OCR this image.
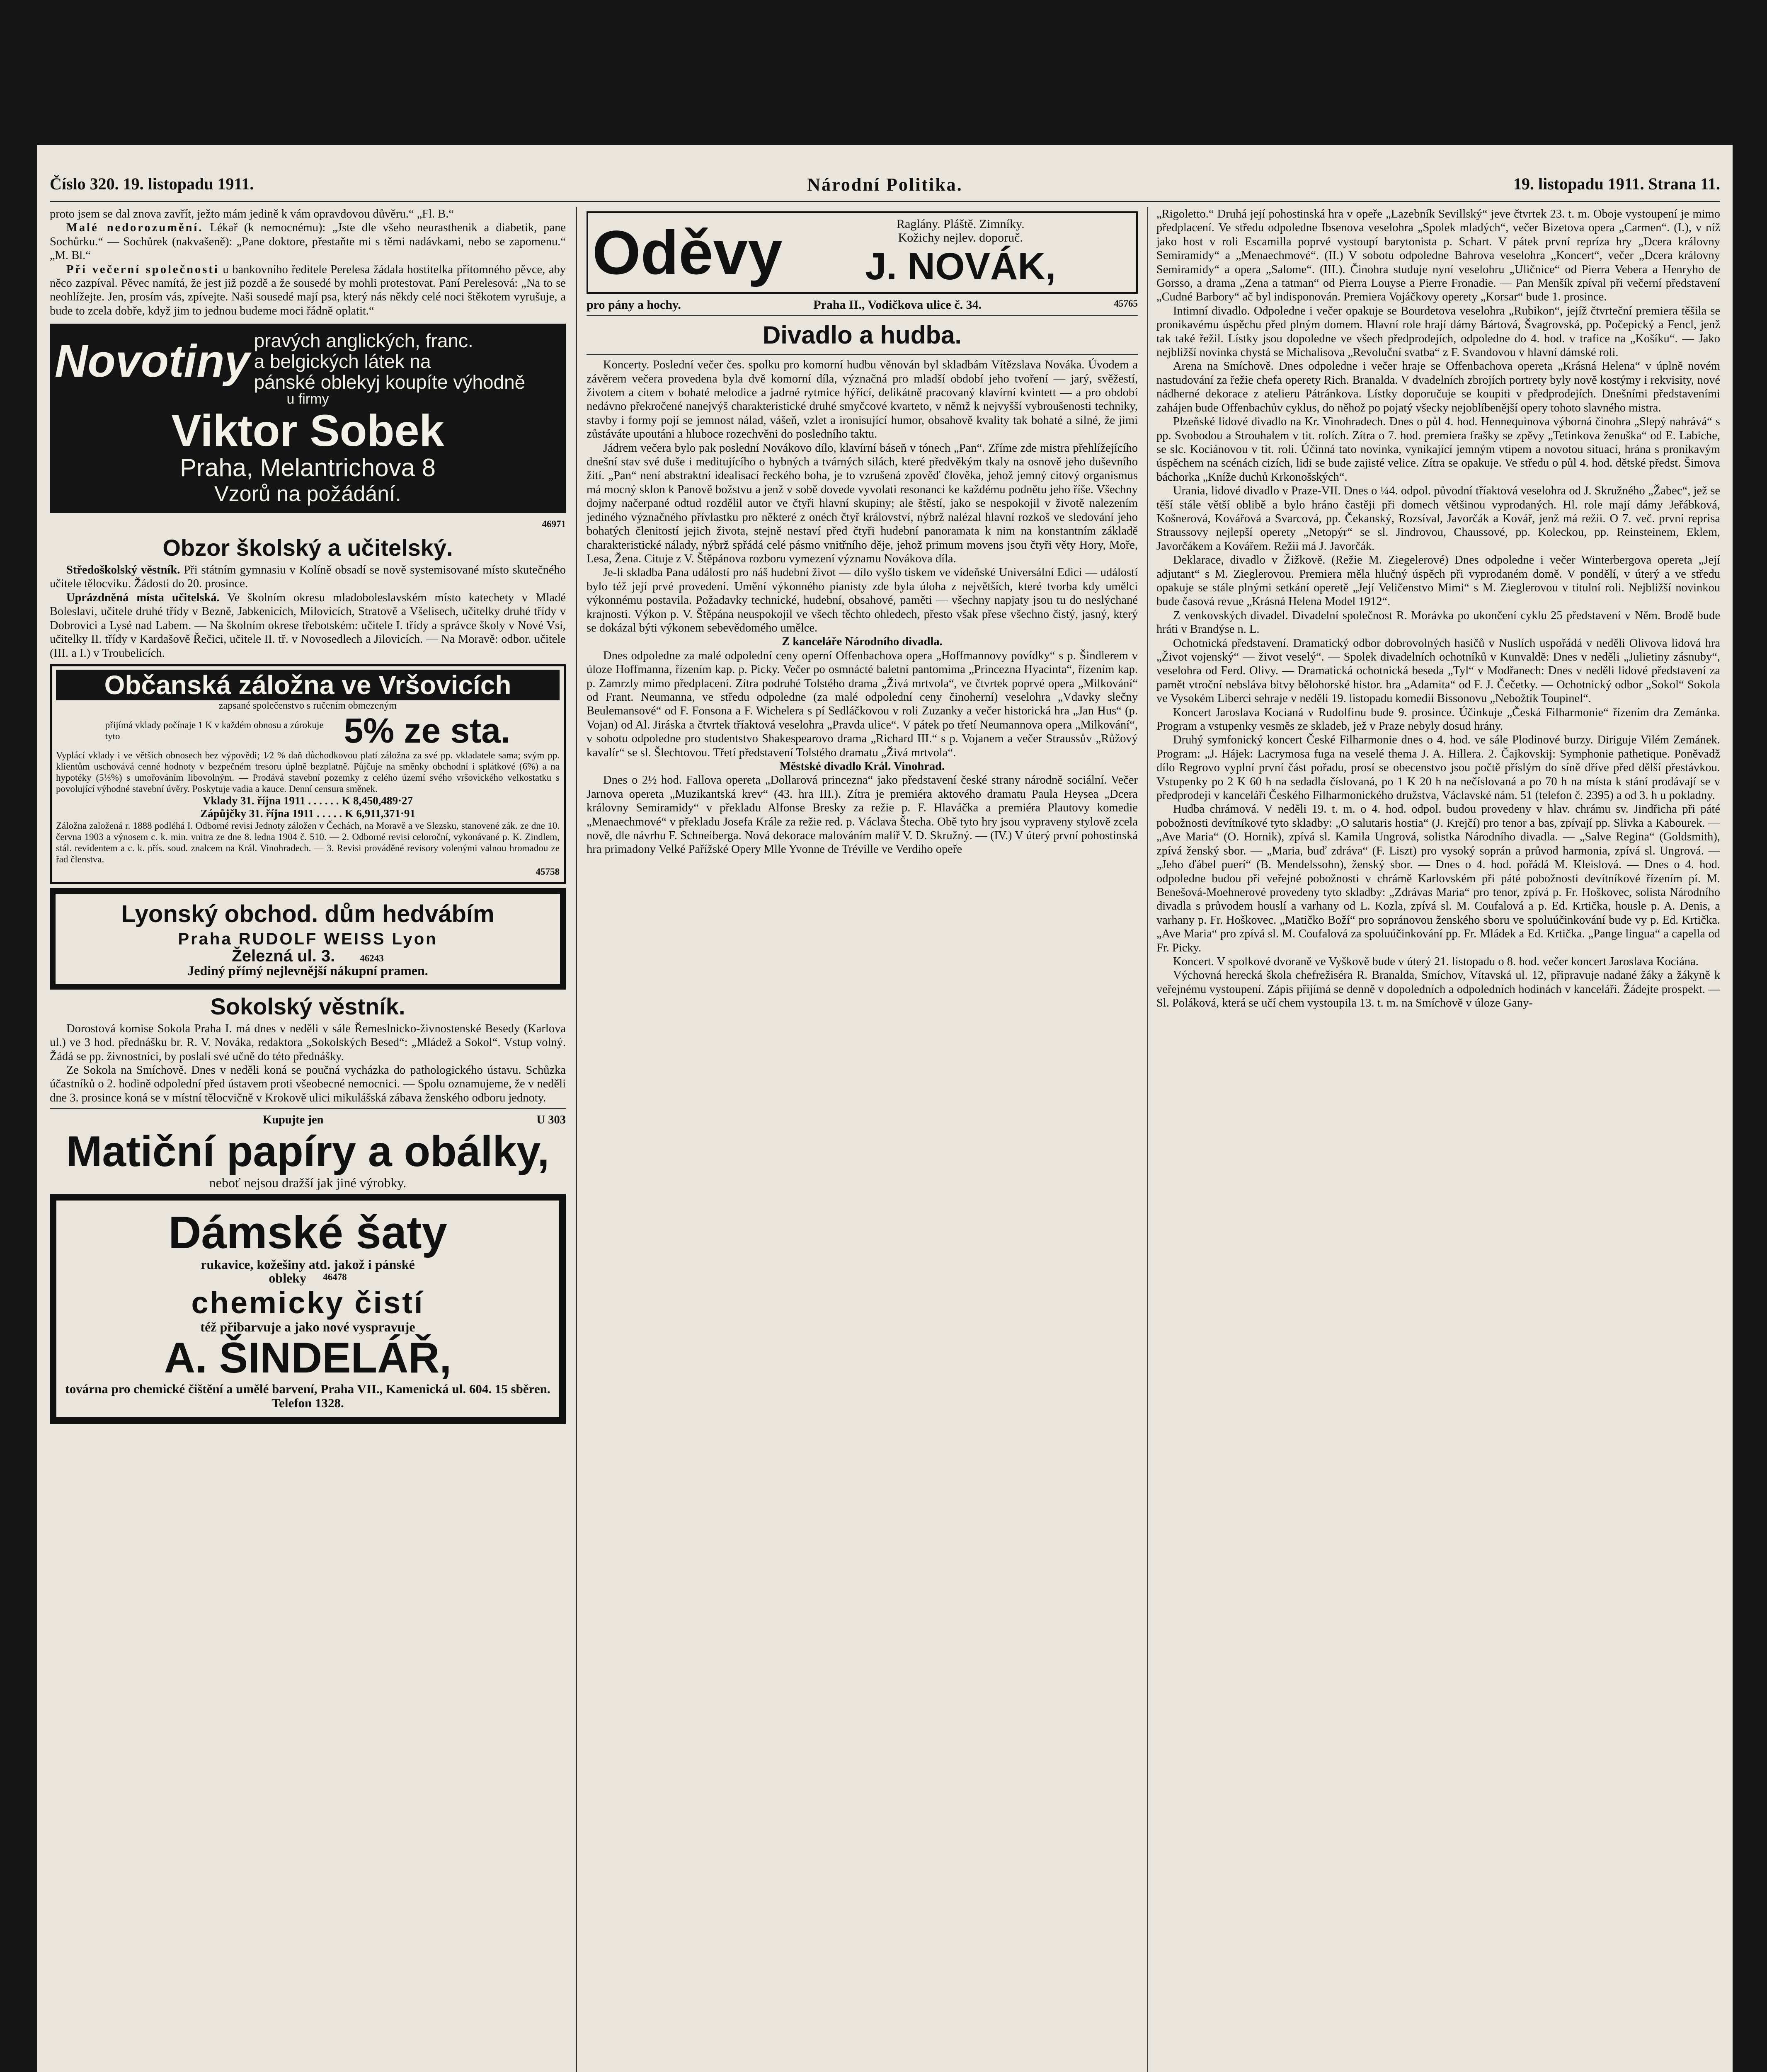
Číslo 320. 19. listopadu 1911.	Národní Politika.	19. listopadu 1911. Strana 11.

proto jsem se dal znova zavřít, ježto mám jedině k vám opravdovou důvěru.“ „Fl. B.“

Malé nedorozumění. Lékař (k nemocnému): „Jste dle všeho neurasthenik a diabetik, pane Sochůrku.“ — Sochůrek (nakvašeně): „Pane doktore, přestaňte mi s těmi nadávkami, nebo se zapomenu.“ „M. Bl.“

Při večerní společnosti u bankovního ředitele Perelesa žádala hostitelka přítomného pěvce, aby něco zazpíval. Pěvec namítá, že jest již pozdě a že sousedé by mohli protestovat. Paní Perelesová: „Na to se neohlížejte. Jen, prosím vás, zpívejte. Naši sousedé mají psa, který nás někdy celé noci štěkotem vyrušuje, a bude to zcela dobře, když jim to jednou budeme moci řádně oplatit.“

Novotiny pravých anglických, franc.
a belgických látek na
pánské oblekyj koupíte výhodně
u firmy
Viktor Sobek
Praha, Melantrichova 8
Vzorů na požádání.
46971
Obzor školský a učitelský.

Středoškolský věstník. Při státním gymnasiu v Kolíně obsadí se nově systemisované místo skutečného učitele tělocviku. Žádosti do 20. prosince.

Uprázdněná místa učitelská. Ve školním okresu mladoboleslavském místo katechety v Mladé Boleslavi, učitele druhé třídy v Bezně, Jabkenicích, Milovicích, Stratově a Všelisech, učitelky druhé třídy v Dobrovici a Lysé nad Labem. — Na školním okrese třebotském: učitele I. třídy a správce školy v Nové Vsi, učitelky II. třídy v Kardašově Řečici, učitele II. tř. v Novosedlech a Jilovicích. — Na Moravě: odbor. učitele (III. a I.) v Troubelicích.

Občanská záložna ve Vršovicích
zapsané společenstvo s ručením obmezeným
přijímá vklady počínaje 1 K v každém obnosu a zúrokuje tyto	5% ze sta.
Vyplácí vklady i ve větších obnosech bez výpovědi; 1⁄2 % daň důchodkovou platí záložna za své pp. vkladatele sama; svým pp. klientům uschovává cenné hodnoty v bezpečném tresoru úplně bezplatně. Půjčuje na směnky obchodní i splátkové (6%) a na hypotéky (5⅓%) s umořováním libovolným. — Prodává stavební pozemky z celého území svého vršovického velkostatku s povolující výhodné stavební úvěry. Poskytuje vadia a kauce. Denní censura směnek.
Vklady 31. října 1911 . . . . . . K 8,450,489·27
Zápůjčky 31. října 1911 . . . . . K 6,911,371·91
Záložna založená r. 1888 podléhá I. Odborné revisi Jednoty záložen v Čechách, na Moravě a ve Slezsku, stanovené zák. ze dne 10. června 1903 a výnosem c. k. min. vnitra ze dne 8. ledna 1904 č. 510. — 2. Odborné revisi celoroční, vykonávané p. K. Zindlem, stál. revidentem a c. k. přís. soud. znalcem na Král. Vinohradech. — 3. Revisi prováděné revisory volenými valnou hromadou ze řad členstva.
45758
Lyonský obchod. dům hedvábím
Praha RUDOLF WEISS Lyon
Železná ul. 3.	46243
Jediný přímý nejlevnější nákupní pramen.
Sokolský věstník.

Dorostová komise Sokola Praha I. má dnes v neděli v sále Řemeslnicko-živnostenské Besedy (Karlova ul.) ve 3 hod. přednášku br. R. V. Nováka, redaktora „Sokolských Besed“: „Mládež a Sokol“. Vstup volný. Žádá se pp. živnostníci, by poslali své učně do této přednášky.

Ze Sokola na Smíchově. Dnes v neděli koná se poučná vycházka do pathologického ústavu. Schůzka účastníků o 2. hodině odpolední před ústavem proti všeobecné nemocnici. — Spolu oznamujeme, že v neděli dne 3. prosince koná se v místní tělocvičně v Krokově ulici mikulášská zábava ženského odboru jednoty.

Kupujte jen	U 303
Matiční papíry a obálky,
neboť nejsou dražší jak jiné výrobky.
Dámské šaty
rukavice, kožešiny atd. jakož i pánské
obleky 46478
chemicky čistí
též přibarvuje a jako nové vyspravuje
A. ŠINDELÁŘ,
továrna pro chemické čištění a umělé barvení, Praha VII., Kamenická ul. 604. 15 sběren. Telefon 1328.
Oděvy	Raglány. Pláště. Zimníky.
Kožichy nejlev. doporuč.
J. NOVÁK,
pro pány a hochy.	Praha II., Vodičkova ulice č. 34.	45765
Divadlo a hudba.

Koncerty. Poslední večer čes. spolku pro komorní hudbu věnován byl skladbám Vítězslava Nováka. Úvodem a závěrem večera provedena byla dvě komorní díla, význačná pro mladší období jeho tvoření — jarý, svěžestí, životem a citem v bohaté melodice a jadrné rytmice hýřící, delikátně pracovaný klavírní kvintett — a pro období nedávno překročené nanejvýš charakteristické druhé smyčcové kvarteto, v němž k nejvyšší vybroušenosti techniky, stavby i formy pojí se jemnost nálad, vášeň, vzlet a ironisující humor, obsahově kvality tak bohaté a silné, že jimi zůstáváte upoutáni a hluboce rozechvěni do posledního taktu.

Jádrem večera bylo pak poslední Novákovo dílo, klavírní báseň v tónech „Pan“. Zříme zde mistra přehlížejícího dnešní stav své duše i meditujícího o hybných a tvárných silách, které předvěkým tkaly na osnově jeho duševního žití. „Pan“ není abstraktní idealisací řeckého boha, je to vzrušená zpověď člověka, jehož jemný citový organismus má mocný sklon k Panově božstvu a jenž v sobě dovede vyvolati resonanci ke každému podnětu jeho říše. Všechny dojmy načerpané odtud rozdělil autor ve čtyři hlavní skupiny; ale štěstí, jako se nespokojil v životě nalezením jediného význačného přívlastku pro některé z onéch čtyř království, nýbrž nalézal hlavní rozkoš ve sledování jeho bohatých členitostí jejich života, stejně nestaví před čtyři hudební panoramata k nim na konstantním základě charakteristické nálady, nýbrž spřádá celé pásmo vnitřního děje, jehož primum movens jsou čtyři věty Hory, Moře, Lesa, Žena. Cituje z V. Štěpánova rozboru vymezení významu Novákova díla.

Je-li skladba Pana událostí pro náš hudební život — dílo vyšlo tiskem ve vídeňské Universální Edici — událostí bylo též její prvé provedení. Umění výkonného pianisty zde byla úloha z největších, které tvorba kdy umělci výkonnému postavila. Požadavky technické, hudební, obsahové, paměti — všechny napjaty jsou tu do neslýchané krajnosti. Výkon p. V. Štěpána neuspokojil ve všech těchto ohledech, přesto však přese všechno čistý, jasný, který se dokázal býti výkonem sebevědomého umělce.

Z kanceláře Národního divadla.

Dnes odpoledne za malé odpolední ceny operní Offenbachova opera „Hoffmannovy povídky“ s p. Šindlerem v úloze Hoffmanna, řízením kap. p. Picky. Večer po osmnácté baletní pantomima „Princezna Hyacinta“, řízením kap. p. Zamrzly mimo předplacení. Zítra podruhé Tolstého drama „Živá mrtvola“, ve čtvrtek poprvé opera „Milkování“ od Frant. Neumanna, ve středu odpoledne (za malé odpolední ceny činoherní) veselohra „Vdavky slečny Beulemansové“ od F. Fonsona a F. Wichelera s pí Sedláčkovou v roli Zuzanky a večer historická hra „Jan Hus“ (p. Vojan) od Al. Jiráska a čtvrtek tříaktová veselohra „Pravda ulice“. V pátek po třetí Neumannova opera „Milkování“, v sobotu odpoledne pro studentstvo Shakespearovo drama „Richard III.“ s p. Vojanem a večer Straussův „Růžový kavalír“ se sl. Šlechtovou. Třetí představení Tolstého dramatu „Živá mrtvola“.

Městské divadlo Král. Vinohrad.

Dnes o 2½ hod. Fallova opereta „Dollarová princezna“ jako představení české strany národně sociální. Večer Jarnova opereta „Muzikantská krev“ (43. hra III.). Zítra je premiéra aktového dramatu Paula Heysea „Dcera královny Semiramidy“ v překladu Alfonse Bresky za režie p. F. Hlaváčka a premiéra Plautovy komedie „Menaechmové“ v překladu Josefa Krále za režie red. p. Václava Štecha. Obě tyto hry jsou vypraveny stylově zcela nově, dle návrhu F. Schneiberga. Nová dekorace malováním malíř V. D. Skružný. — (IV.) V úterý první pohostinská hra primadony Velké Pařížské Opery Mlle Yvonne de Tréville ve Verdiho opeře

„Rigoletto.“ Druhá její pohostinská hra v opeře „Lazebník Sevillský“ jeve čtvrtek 23. t. m. Oboje vystoupení je mimo předplacení. Ve středu odpoledne Ibsenova veselohra „Spolek mladých“, večer Bizetova opera „Carmen“. (I.), v níž jako host v roli Escamilla poprvé vystoupí barytonista p. Schart. V pátek první repríza hry „Dcera královny Semiramidy“ a „Menaechmové“. (II.) V sobotu odpoledne Bahrova veselohra „Koncert“, večer „Dcera královny Semiramidy“ a opera „Salome“. (III.). Činohra studuje nyní veselohru „Uličnice“ od Pierra Vebera a Henryho de Gorsso, a drama „Zena a tatman“ od Pierra Louyse a Pierre Fronadie. — Pan Menšík zpíval při večerní představení „Cudné Barbory“ ač byl indisponován. Premiera Vojáčkovy operety „Korsar“ bude 1. prosince.

Intimní divadlo. Odpoledne i večer opakuje se Bourdetova veselohra „Rubikon“, jejíž čtvrteční premiera těšila se pronikavému úspěchu před plným domem. Hlavní role hrají dámy Bártová, Švagrovská, pp. Počepický a Fencl, jenž tak také řežil. Lístky jsou dopoledne ve všech předprodejích, odpoledne do 4. hod. v trafice na „Košíku“. — Jako nejbližší novinka chystá se Michalisova „Revoluční svatba“ z F. Svandovou v hlavní dámské roli.

Arena na Smíchově. Dnes odpoledne i večer hraje se Offenbachova opereta „Krásná Helena“ v úplně novém nastudování za řežie chefa operety Rich. Branalda. V dvadelních zbrojích portrety byly nově kostýmy i rekvisity, nové nádherné dekorace z atelieru Pátránkova. Lístky doporučuje se koupiti v předprodejích. Dnešními představeními zahájen bude Offenbachův cyklus, do něhož po pojatý všecky nejoblíbenější opery tohoto slavného mistra.

Plzeňské lidové divadlo na Kr. Vinohradech. Dnes o půl 4. hod. Hennequinova výborná činohra „Slepý nahrává“ s pp. Svobodou a Strouhalem v tit. rolích. Zítra o 7. hod. premiera frašky se zpěvy „Tetinkova ženuška“ od E. Labiche, se slc. Kociánovou v tit. roli. Účinná tato novinka, vynikající jemným vtipem a novotou situací, hrána s pronikavým úspěchem na scénách cizích, lidi se bude zajisté velice. Zítra se opakuje. Ve středu o půl 4. hod. dětské předst. Šimova báchorka „Kníže duchů Krkonošských“.

Urania, lidové divadlo v Praze-VII. Dnes o ¼4. odpol. původní tříaktová veselohra od J. Skružného „Žabec“, jež se těší stále větší oblibě a bylo hráno častěji při domech většinou vyprodaných. Hl. role mají dámy Jeřábková, Košnerová, Kovářová a Svarcová, pp. Čekanský, Rozsíval, Javorčák a Kovář, jenž má režii. O 7. več. první reprisa Straussovy nejlepší operety „Netopýr“ se sl. Jindrovou, Chaussové, pp. Koleckou, pp. Reinsteinem, Eklem, Javorčákem a Kovářem. Režii má J. Javorčák.

Deklarace, divadlo v Žižkově. (Režie M. Ziegelerové) Dnes odpoledne i večer Winterbergova opereta „Její adjutant“ s M. Zieglerovou. Premiera měla hlučný úspěch při vyprodaném domě. V pondělí, v úterý a ve středu opakuje se stále plnými setkání operetě „Její Veličenstvo Mimi“ s M. Zieglerovou v titulní roli. Nejbližší novinkou bude časová revue „Krásná Helena Model 1912“.

Z venkovských divadel. Divadelní společnost R. Morávka po ukončení cyklu 25 představení v Něm. Brodě bude hráti v Brandýse n. L.

Ochotnická představení. Dramatický odbor dobrovolných hasičů v Nuslích uspořádá v neděli Olivova lidová hra „Život vojenský“ — život veselý“. — Spolek divadelních ochotníků v Kunvaldě: Dnes v neděli „Julietiny zásnuby“, veselohra od Ferd. Olivy. — Dramatická ochotnická beseda „Tyl“ v Modřanech: Dnes v neděli lidové představení za pamět vtroční nebsláva bitvy bělohorské histor. hra „Adamita“ od F. J. Čečetky. — Ochotnický odbor „Sokol“ Sokola ve Vysokém Liberci sehraje v neděli 19. listopadu komedii Bissonovu „Nebožtík Toupinel“.

Koncert Jaroslava Kocianá v Rudolfinu bude 9. prosince. Účinkuje „Česká Filharmonie“ řízením dra Zemánka. Program a vstupenky vesměs ze skladeb, jež v Praze nebyly dosud hrány.

Druhý symfonický koncert České Filharmonie dnes o 4. hod. ve sále Plodinové burzy. Diriguje Vilém Zemánek. Program: „J. Hájek: Lacrymosa fuga na veselé thema J. A. Hillera. 2. Čajkovskij: Symphonie pathetique. Poněvadž dílo Regrovo vyplní první část pořadu, prosí se obecenstvo jsou počtě příslým do síně dříve před dělší přestávkou. Vstupenky po 2 K 60 h na sedadla číslovaná, po 1 K 20 h na nečíslovaná a po 70 h na místa k stání prodávají se v předprodeji v kanceláři Českého Filharmonického družstva, Václavské nám. 51 (telefon č. 2395) a od 3. h u pokladny.

Hudba chrámová. V neděli 19. t. m. o 4. hod. odpol. budou provedeny v hlav. chrámu sv. Jindřicha při páté pobožnosti devítníkové tyto skladby: „O salutaris hostia“ (J. Krejčí) pro tenor a bas, zpívají pp. Slivka a Kabourek. — „Ave Maria“ (O. Hornik), zpívá sl. Kamila Ungrová, solistka Národního divadla. — „Salve Regina“ (Goldsmith), zpívá ženský sbor. — „Maria, buď zdráva“ (F. Liszt) pro vysoký soprán a průvod harmonia, zpívá sl. Ungrová. — „Jeho ďábel puerí“ (B. Mendelssohn), ženský sbor. — Dnes o 4. hod. pořádá M. Kleislová. — Dnes o 4. hod. odpoledne budou při veřejné pobožnosti v chrámě Karlovském při páté pobožnosti devítníkové řízením pí. M. Benešová-Moehnerové provedeny tyto skladby: „Zdrávas Maria“ pro tenor, zpívá p. Fr. Hoškovec, solista Národního divadla s průvodem houslí a varhany od L. Kozla, zpívá sl. M. Coufalová a p. Ed. Krtička, housle p. A. Denis, a varhany p. Fr. Hoškovec. „Matičko Boží“ pro sopránovou ženského sboru ve spoluúčinkování bude vy p. Ed. Krtička. „Ave Maria“ pro zpívá sl. M. Coufalová za spoluúčinkování pp. Fr. Mládek a Ed. Krtička. „Pange lingua“ a capella od Fr. Picky.

Koncert. V spolkové dvoraně ve Vyškově bude v úterý 21. listopadu o 8. hod. večer koncert Jaroslava Kociána.

Výchovná herecká škola chefrežiséra R. Branalda, Smíchov, Vítavská ul. 12, připravuje nadané žáky a žákyně k veřejnému vystoupení. Zápis přijímá se denně v dopoledních a odpoledních hodinách v kanceláři. Žádejte prospekt. — Sl. Poláková, která se učí chem vystoupila 13. t. m. na Smíchově v úloze Gany-
